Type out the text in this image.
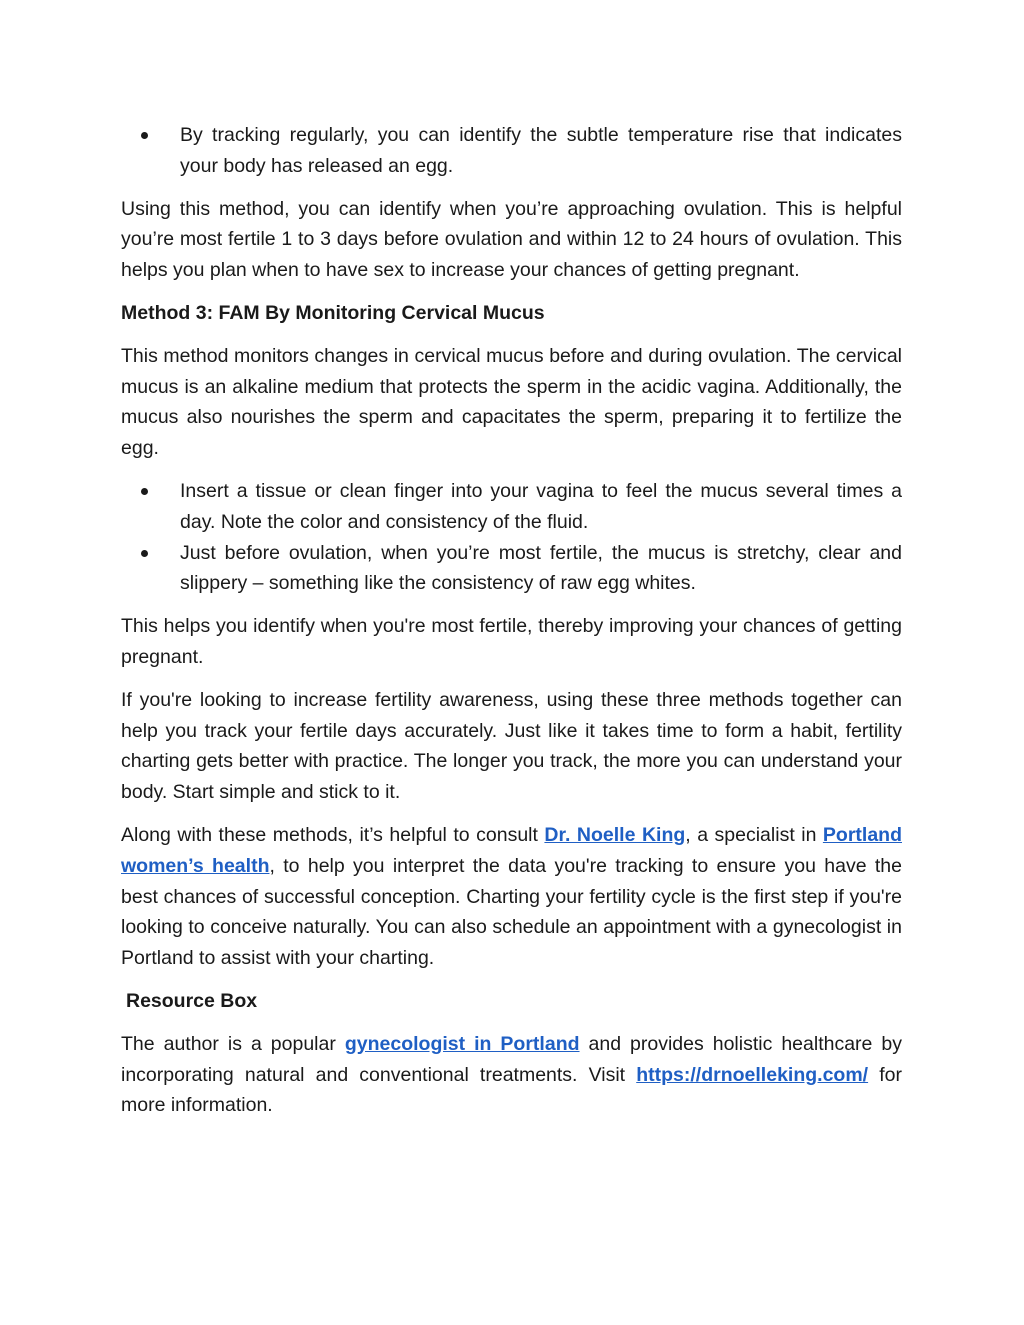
By tracking regularly, you can identify the subtle temperature rise that indicates your body has released an egg.

Using this method, you can identify when you’re approaching ovulation. This is helpful you’re most fertile 1 to 3 days before ovulation and within 12 to 24 hours of ovulation. This helps you plan when to have sex to increase your chances of getting pregnant.

Method 3: FAM By Monitoring Cervical Mucus

This method monitors changes in cervical mucus before and during ovulation. The cervical mucus is an alkaline medium that protects the sperm in the acidic vagina. Additionally, the mucus also nourishes the sperm and capacitates the sperm, preparing it to fertilize the egg.

Insert a tissue or clean finger into your vagina to feel the mucus several times a day. Note the color and consistency of the fluid.
Just before ovulation, when you’re most fertile, the mucus is stretchy, clear and slippery – something like the consistency of raw egg whites.

This helps you identify when you're most fertile, thereby improving your chances of getting pregnant.

If you're looking to increase fertility awareness, using these three methods together can help you track your fertile days accurately. Just like it takes time to form a habit, fertility charting gets better with practice. The longer you track, the more you can understand your body. Start simple and stick to it.

Along with these methods, it’s helpful to consult Dr. Noelle King, a specialist in Portland women’s health, to help you interpret the data you're tracking to ensure you have the best chances of successful conception. Charting your fertility cycle is the first step if you're looking to conceive naturally. You can also schedule an appointment with a gynecologist in Portland to assist with your charting.

Resource Box

The author is a popular gynecologist in Portland and provides holistic healthcare by incorporating natural and conventional treatments. Visit https://drnoelleking.com/ for more information.
